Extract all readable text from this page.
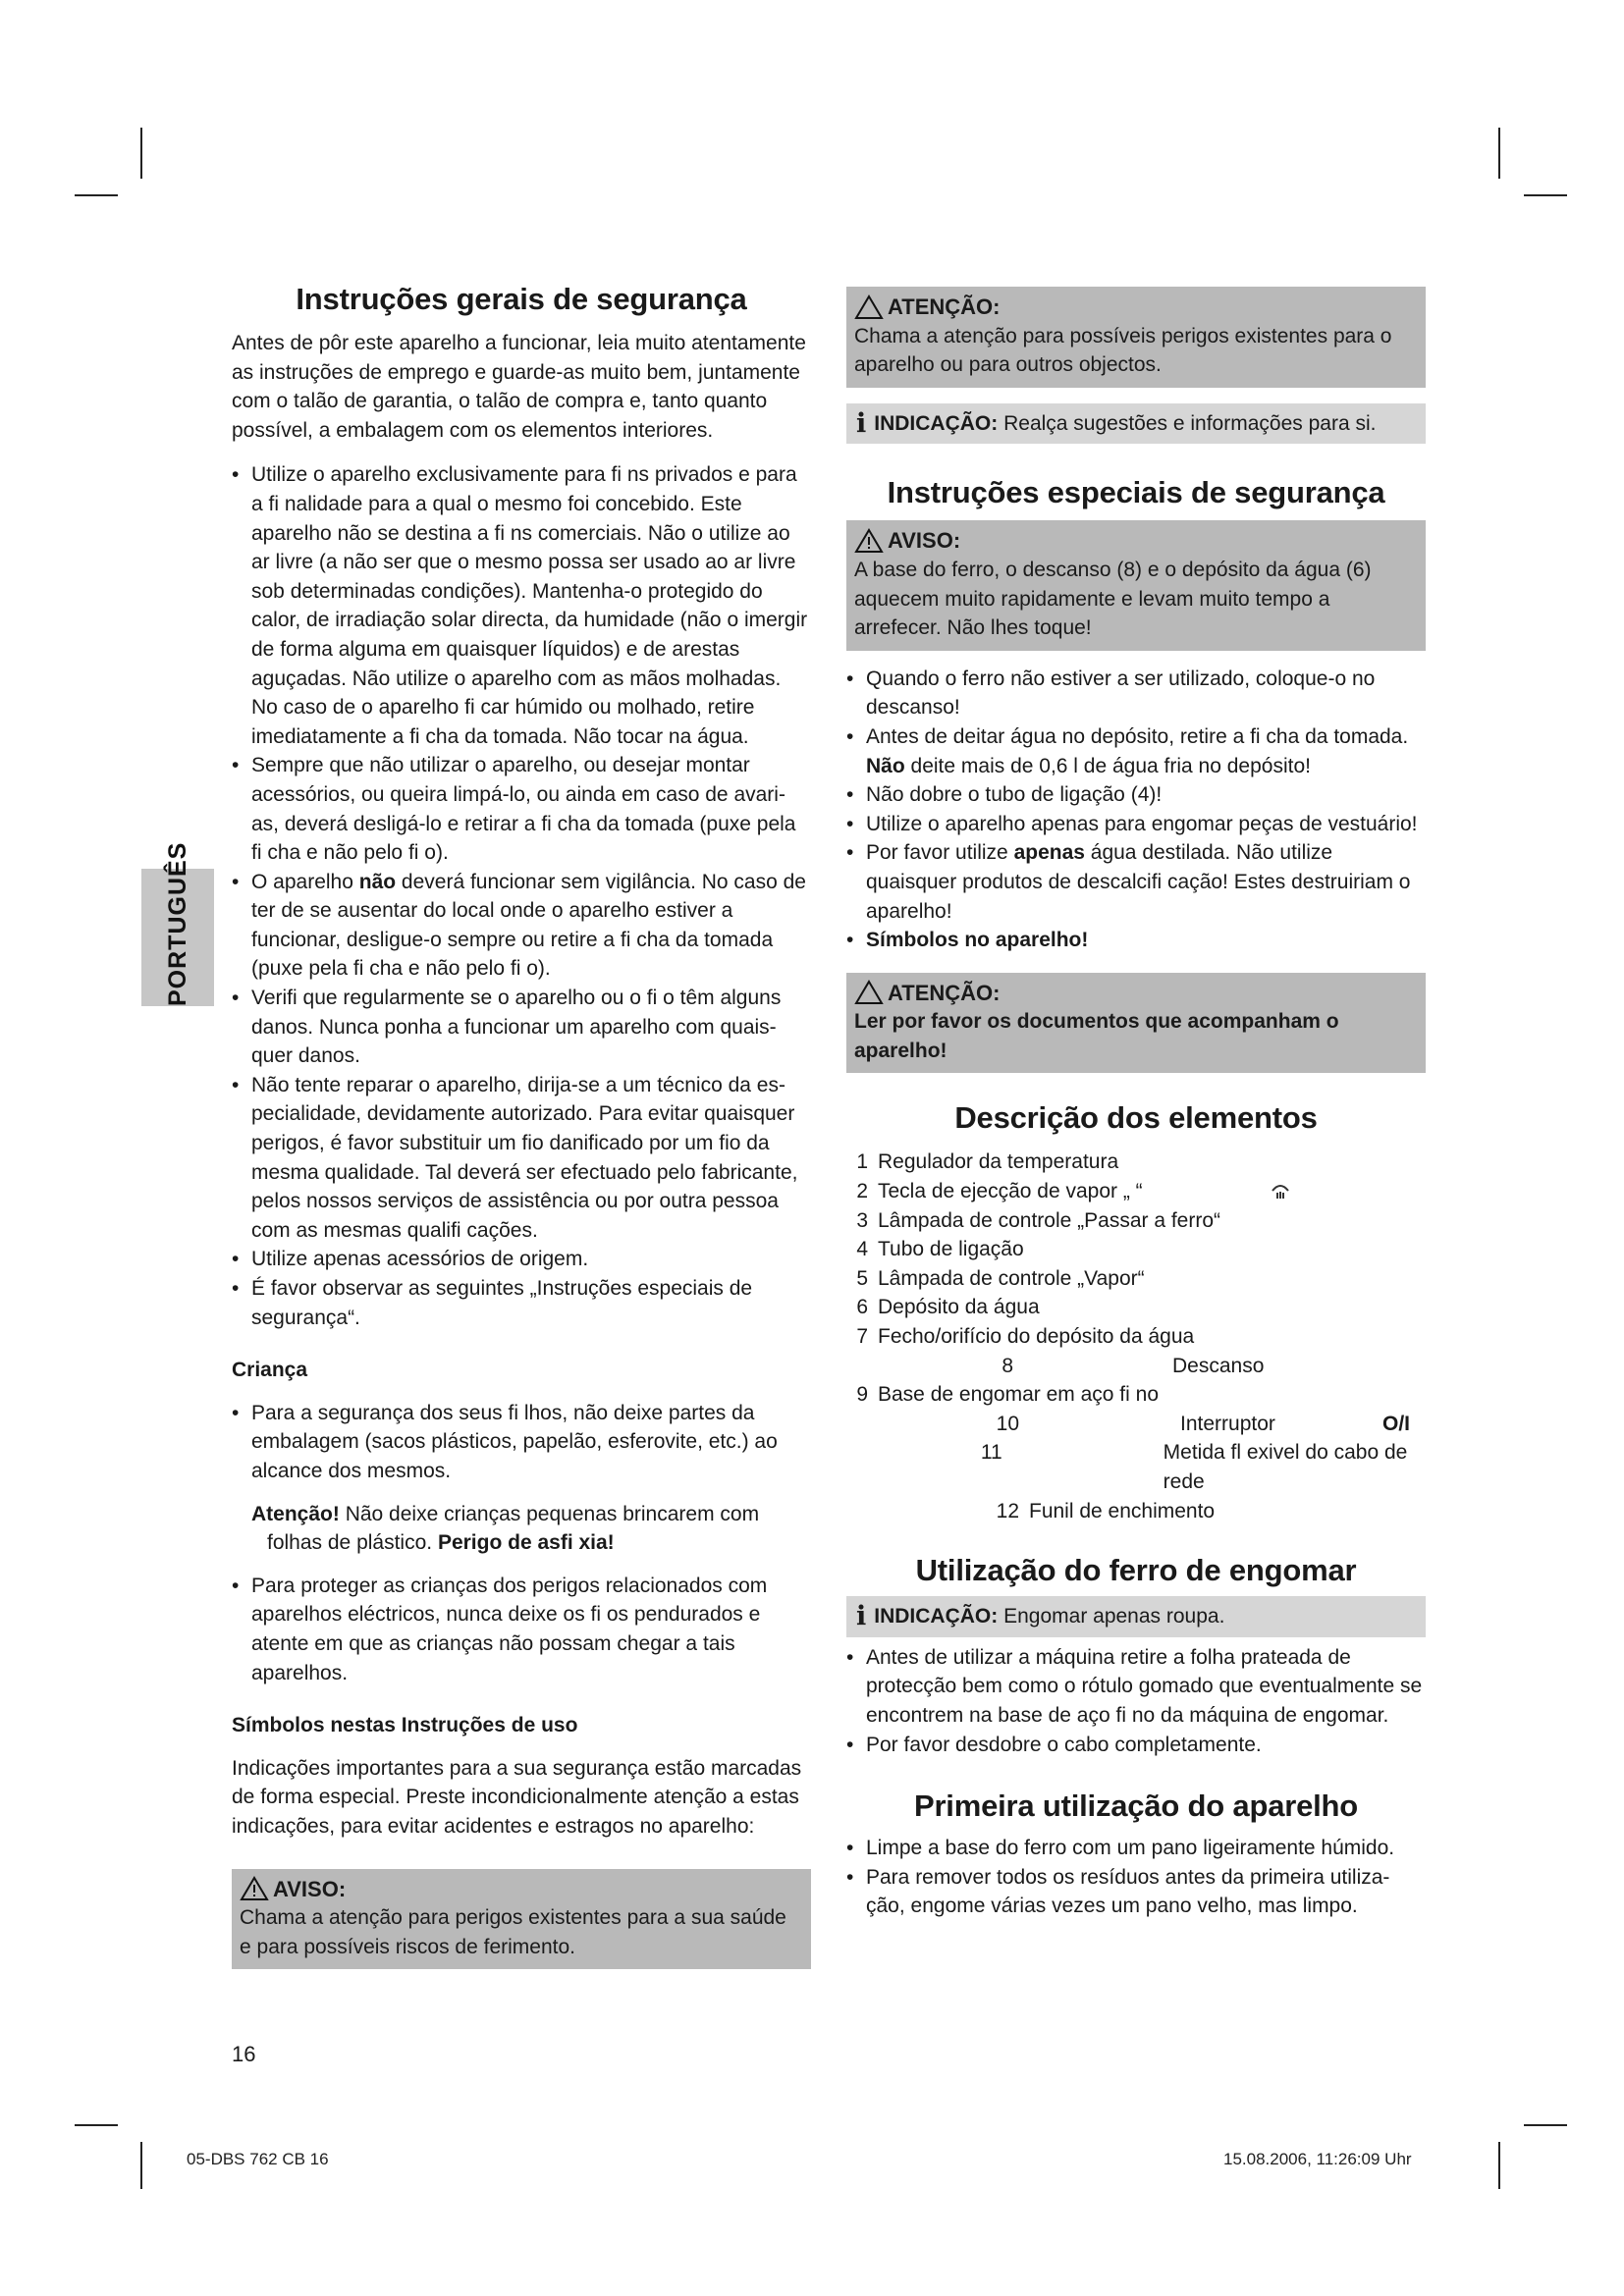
PORTUGUÊS
Instruções gerais de segurança

Antes de pôr este aparelho a funcionar, leia muito atentamente as instruções de emprego e guarde-as muito bem, juntamente com o talão de garantia, o talão de compra e, tanto quanto possível, a embalagem com os elementos interiores.

• Utilize o aparelho exclusivamente para fi ns privados e para a fi nalidade para a qual o mesmo foi concebido. Este aparelho não se destina a fi ns comerciais. Não o utilize ao ar livre (a não ser que o mesmo possa ser usado ao ar livre sob determinadas condições). Mantenha-o protegido do calor, de irradiação solar directa, da humidade (não o imergir de forma alguma em quaisquer líquidos) e de arestas aguçadas. Não utilize o aparelho com as mãos molhadas. No caso de o aparelho fi car húmido ou molhado, retire imediatamente a fi cha da tomada. Não tocar na água.
• Sempre que não utilizar o aparelho, ou desejar montar acessórios, ou queira limpá-lo, ou ainda em caso de avari-as, deverá desligá-lo e retirar a fi cha da tomada (puxe pela fi cha e não pelo fi o).
• O aparelho não deverá funcionar sem vigilância. No caso de ter de se ausentar do local onde o aparelho estiver a funcionar, desligue-o sempre ou retire a fi cha da tomada (puxe pela fi cha e não pelo fi o).
• Verifi que regularmente se o aparelho ou o fi o têm alguns danos. Nunca ponha a funcionar um aparelho com quais-quer danos.
• Não tente reparar o aparelho, dirija-se a um técnico da es-pecialidade, devidamente autorizado. Para evitar quaisquer perigos, é favor substituir um fio danificado por um fio da mesma qualidade. Tal deverá ser efectuado pelo fabricante, pelos nossos serviços de assistência ou por outra pessoa com as mesmas qualifi cações.
• Utilize apenas acessórios de origem.
• É favor observar as seguintes „Instruções especiais de segurança“.
Criança
• Para a segurança dos seus fi lhos, não deixe partes da embalagem (sacos plásticos, papelão, esferovite, etc.) ao alcance dos mesmos.

Atenção! Não deixe crianças pequenas brincarem com folhas de plástico. Perigo de asfi xia!

• Para proteger as crianças dos perigos relacionados com aparelhos eléctricos, nunca deixe os fi os pendurados e atente em que as crianças não possam chegar a tais aparelhos.
Símbolos nestas Instruções de uso

Indicações importantes para a sua segurança estão marcadas de forma especial. Preste incondicionalmente atenção a estas indicações, para evitar acidentes e estragos no aparelho:

AVISO:

Chama a atenção para perigos existentes para a sua saúde e para possíveis riscos de ferimento.

ATENÇÃO:

Chama a atenção para possíveis perigos existentes para o aparelho ou para outros objectos.

i INDICAÇÃO: Realça sugestões e informações para si.
Instruções especiais de segurança
AVISO:

A base do ferro, o descanso (8) e o depósito da água (6) aquecem muito rapidamente e levam muito tempo a arrefecer. Não lhes toque!

• Quando o ferro não estiver a ser utilizado, coloque-o no descanso!
• Antes de deitar água no depósito, retire a fi cha da tomada. Não deite mais de 0,6 l de água fria no depósito!
• Não dobre o tubo de ligação (4)!
• Utilize o aparelho apenas para engomar peças de vestuário!
• Por favor utilize apenas água destilada. Não utilize quaisquer produtos de descalcifi cação! Estes destruiriam o aparelho!
• Símbolos no aparelho!
ATENÇÃO:

Ler por favor os documentos que acompanham o aparelho!

Descrição dos elementos
1 Regulador da temperatura
2 Tecla de ejecção de vapor „ “
3 Lâmpada de controle „Passar a ferro“
4 Tubo de ligação
5 Lâmpada de controle „Vapor“
6 Depósito da água
7 Fecho/orifício do depósito da água
8	Descanso
9 Base de engomar em aço fi no
10	Interruptor	O/I
11	Metida fl exivel do cabo de rede
12 Funil de enchimento
Utilização do ferro de engomar
i INDICAÇÃO: Engomar apenas roupa.
• Antes de utilizar a máquina retire a folha prateada de protecção bem como o rótulo gomado que eventualmente se encontrem na base de aço fi no da máquina de engomar.
• Por favor desdobre o cabo completamente.
Primeira utilização do aparelho
• Limpe a base do ferro com um pano ligeiramente húmido.
• Para remover todos os resíduos antes da primeira utiliza-ção, engome várias vezes um pano velho, mas limpo.
16
05-DBS 762 CB 16	15.08.2006, 11:26:09 Uhr
